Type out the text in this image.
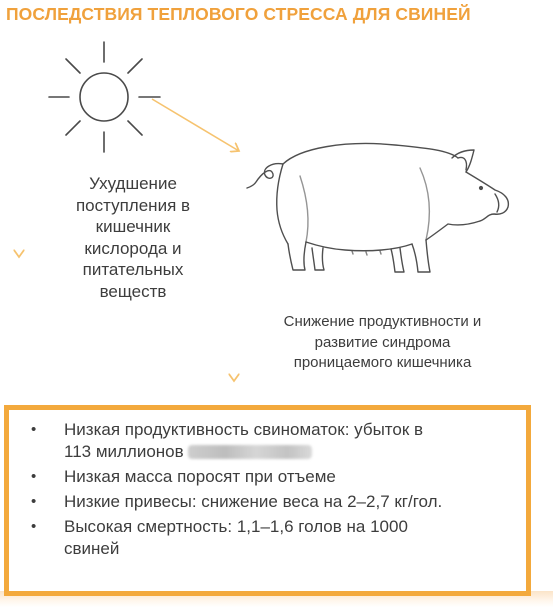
ПОСЛЕДСТВИЯ ТЕПЛОВОГО СТРЕССА ДЛЯ СВИНЕЙ
Ухудшение
поступления в
кишечник
кислорода и
питательных
веществ
Снижение продуктивности и
развитие синдрома
проницаемого кишечника
• Низкая продуктивность свиноматок: убыток в
113 миллионов
• Низкая масса поросят при отъеме
• Низкие привесы: снижение веса на 2–2,7 кг/гол.
• Высокая смертность: 1,1–1,6 голов на 1000
свиней
